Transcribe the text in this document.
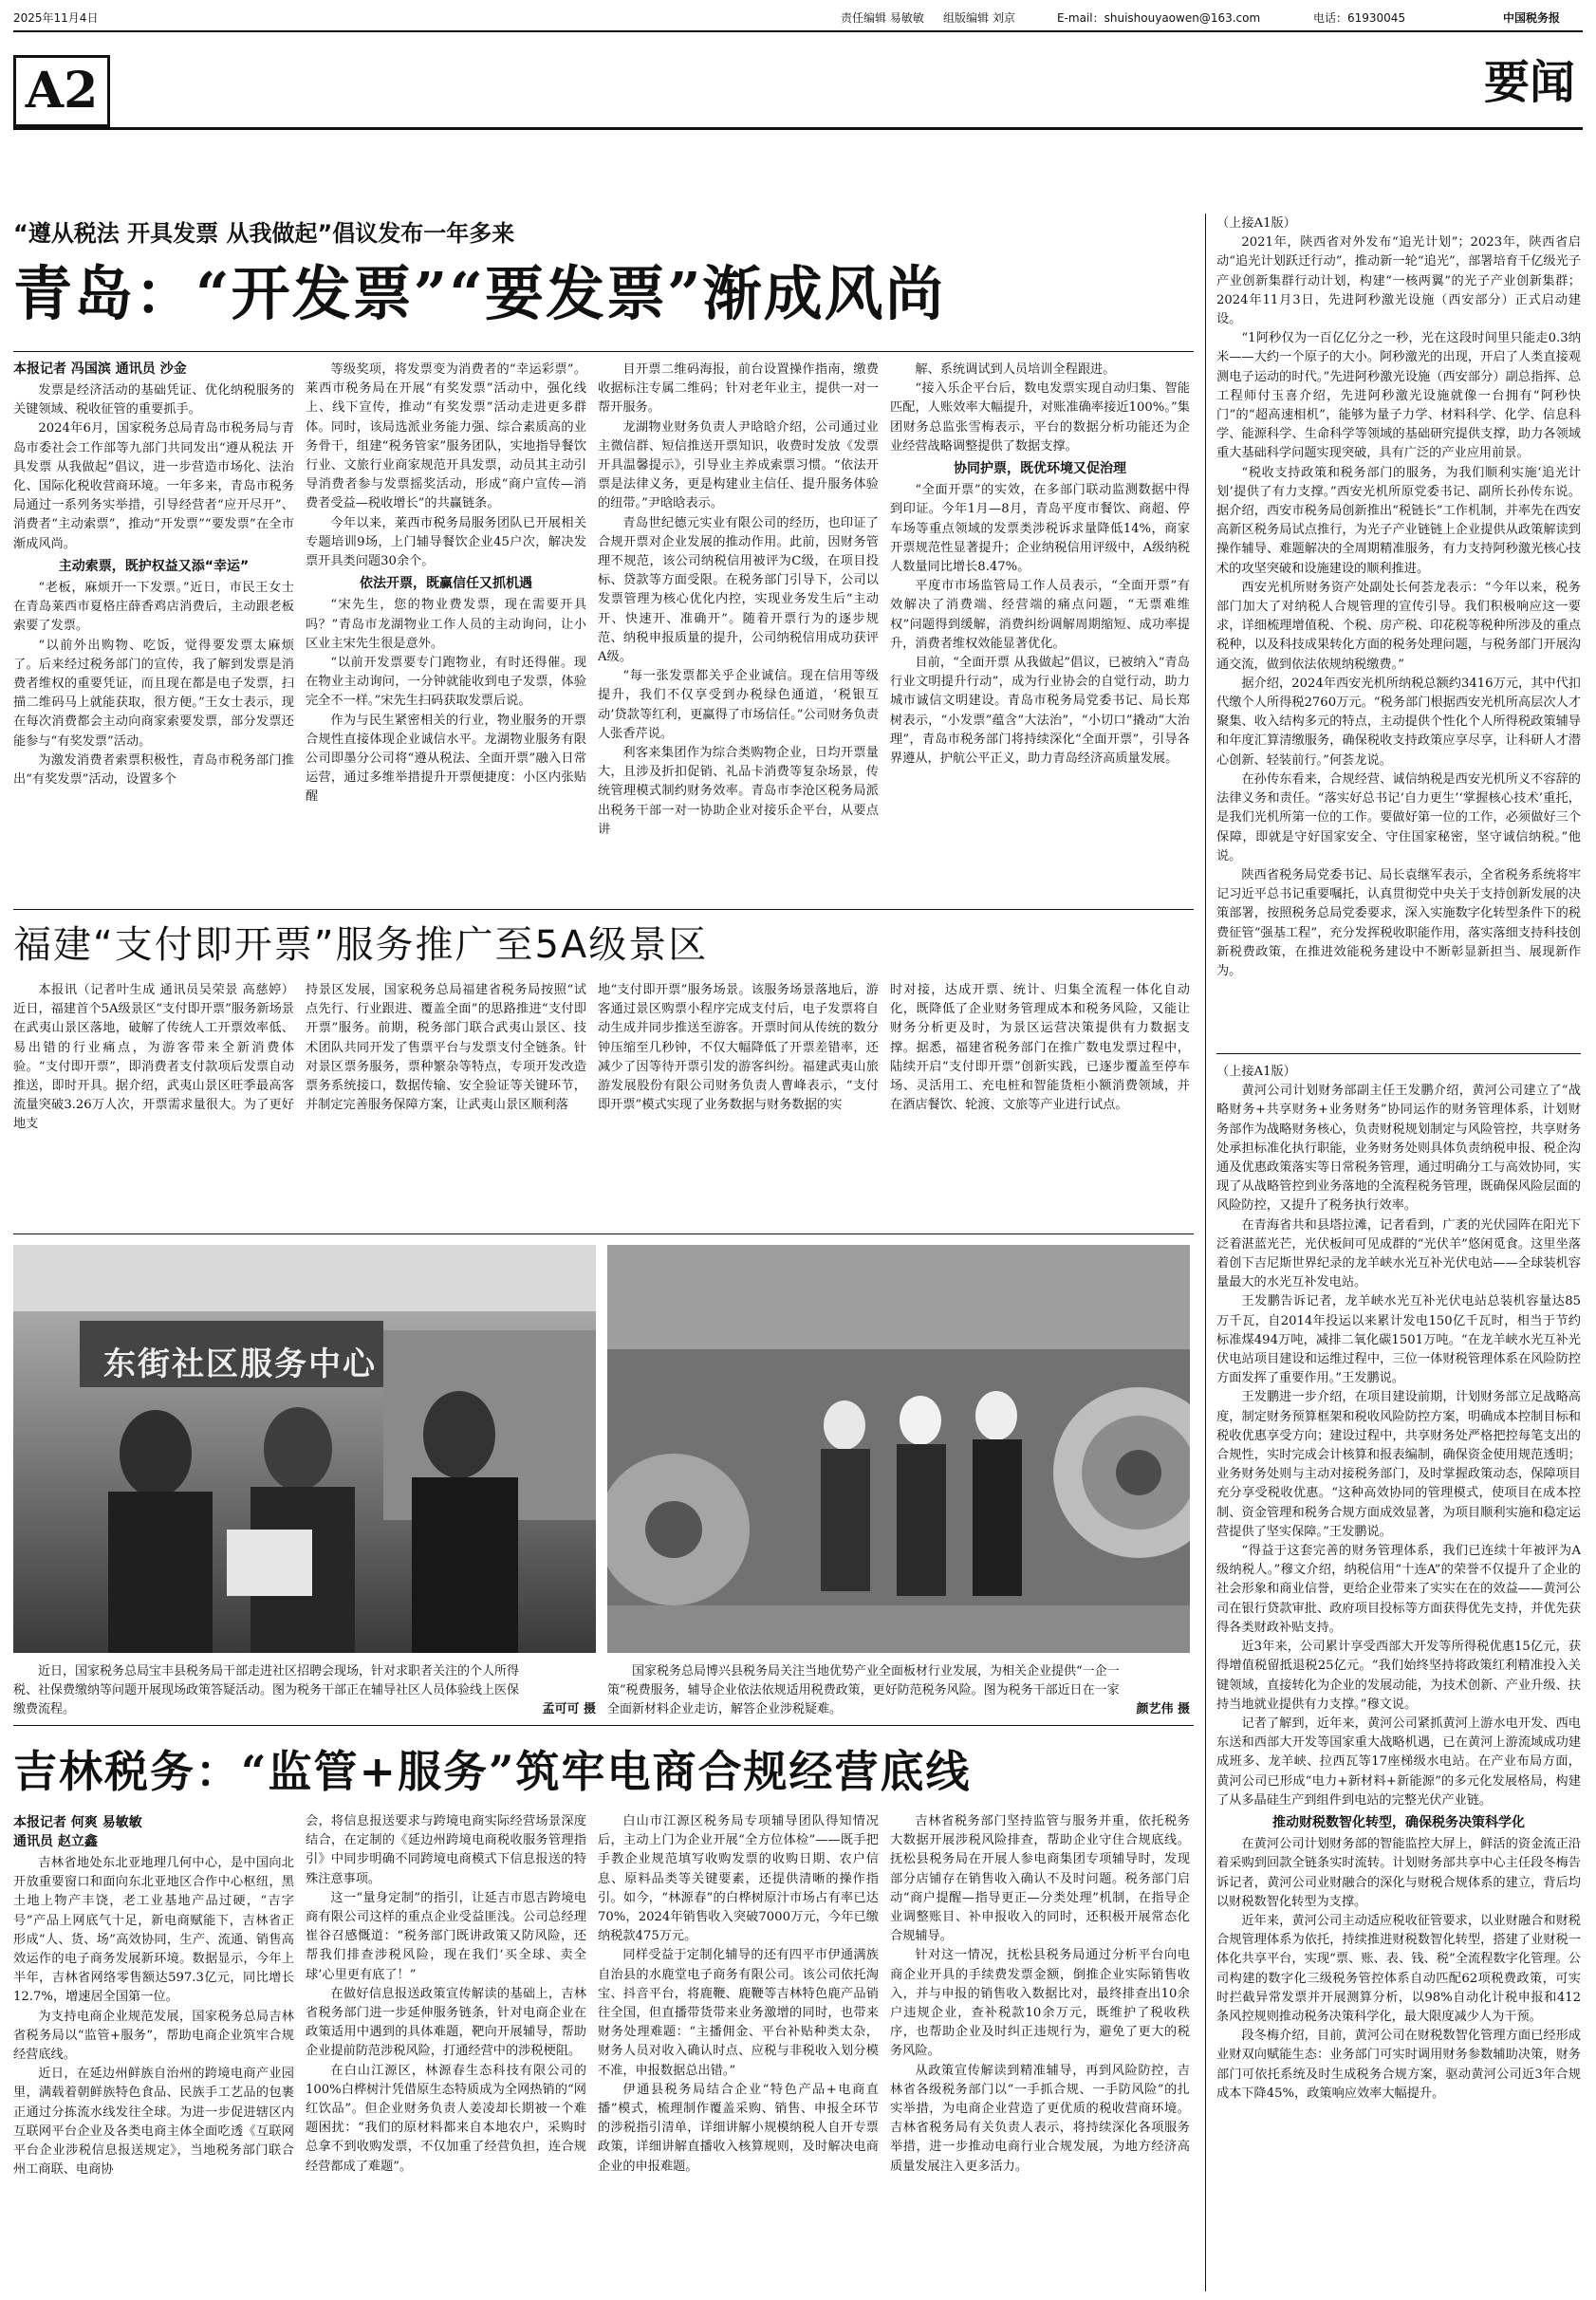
2025年11月4日	责任编辑 易敏敏 组版编辑 刘京	E-mail：shuishouyaowen@163.com	电话：61930045	中国税务报
A2	要闻
“遵从税法 开具发票 从我做起”倡议发布一年多来
青岛：“开发票”“要发票”渐成风尚
本报记者 冯国滨 通讯员 沙金

发票是经济活动的基础凭证、优化纳税服务的关键领域、税收征管的重要抓手。

2024年6月，国家税务总局青岛市税务局与青岛市委社会工作部等九部门共同发出“遵从税法 开具发票 从我做起”倡议，进一步营造市场化、法治化、国际化税收营商环境。一年多来，青岛市税务局通过一系列务实举措，引导经营者“应开尽开”、消费者“主动索票”，推动“开发票”“要发票”在全市渐成风尚。

主动索票，既护权益又添“幸运”

“老板，麻烦开一下发票。”近日，市民王女士在青岛莱西市夏格庄薛香鸡店消费后，主动跟老板索要了发票。

“以前外出购物、吃饭，觉得要发票太麻烦了。后来经过税务部门的宣传，我了解到发票是消费者维权的重要凭证，而且现在都是电子发票，扫描二维码马上就能获取，很方便。”王女士表示，现在每次消费都会主动向商家索要发票，部分发票还能参与“有奖发票”活动。

为激发消费者索票积极性，青岛市税务部门推出“有奖发票”活动，设置多个

等级奖项，将发票变为消费者的“幸运彩票”。莱西市税务局在开展“有奖发票”活动中，强化线上、线下宣传，推动“有奖发票”活动走进更多群体。同时，该局选派业务能力强、综合素质高的业务骨干，组建“税务管家”服务团队，实地指导餐饮行业、文旅行业商家规范开具发票，动员其主动引导消费者参与发票摇奖活动，形成“商户宣传—消费者受益—税收增长”的共赢链条。

今年以来，莱西市税务局服务团队已开展相关专题培训9场，上门辅导餐饮企业45户次，解决发票开具类问题30余个。

依法开票，既赢信任又抓机遇

“宋先生，您的物业费发票，现在需要开具吗？”青岛市龙湖物业工作人员的主动询问，让小区业主宋先生很是意外。

“以前开发票要专门跑物业，有时还得催。现在物业主动询问，一分钟就能收到电子发票，体验完全不一样。”宋先生扫码获取发票后说。

作为与民生紧密相关的行业，物业服务的开票合规性直接体现企业诚信水平。龙湖物业服务有限公司即墨分公司将“遵从税法、全面开票”融入日常运营，通过多维举措提升开票便捷度：小区内张贴醒

目开票二维码海报，前台设置操作指南，缴费收据标注专属二维码；针对老年业主，提供一对一帮开服务。

龙湖物业财务负责人尹晗晗介绍，公司通过业主微信群、短信推送开票知识，收费时发放《发票开具温馨提示》，引导业主养成索票习惯。“依法开票是法律义务，更是构建业主信任、提升服务体验的纽带。”尹晗晗表示。

青岛世纪德元实业有限公司的经历，也印证了合规开票对企业发展的推动作用。此前，因财务管理不规范，该公司纳税信用被评为C级，在项目投标、贷款等方面受限。在税务部门引导下，公司以发票管理为核心优化内控，实现业务发生后“主动开、快速开、准确开”。随着开票行为的逐步规范、纳税申报质量的提升，公司纳税信用成功获评A级。

“每一张发票都关乎企业诚信。现在信用等级提升，我们不仅享受到办税绿色通道，‘税银互动’贷款等红利，更赢得了市场信任。”公司财务负责人张香芹说。

利客来集团作为综合类购物企业，日均开票量大，且涉及折扣促销、礼品卡消费等复杂场景，传统管理模式制约财务效率。青岛市李沧区税务局派出税务干部一对一协助企业对接乐企平台，从要点讲

解、系统调试到人员培训全程跟进。

“接入乐企平台后，数电发票实现自动归集、智能匹配，人账效率大幅提升，对账准确率接近100%。”集团财务总监张雪梅表示，平台的数据分析功能还为企业经营战略调整提供了数据支撑。

协同护票，既优环境又促治理

“全面开票”的实效，在多部门联动监测数据中得到印证。今年1月—8月，青岛平度市餐饮、商超、停车场等重点领域的发票类涉税诉求量降低14%，商家开票规范性显著提升；企业纳税信用评级中，A级纳税人数量同比增长8.47%。

平度市市场监管局工作人员表示，“全面开票”有效解决了消费端、经营端的痛点问题，“无票难维权”问题得到缓解，消费纠纷调解周期缩短、成功率提升，消费者维权效能显著优化。

目前，“全面开票 从我做起”倡议，已被纳入“青岛行业文明提升行动”，成为行业协会的自觉行动，助力城市诚信文明建设。青岛市税务局党委书记、局长郑树表示，“小发票”蕴含“大法治”，“小切口”撬动“大治理”，青岛市税务部门将持续深化“全面开票”，引导各界遵从，护航公平正义，助力青岛经济高质量发展。

（上接A1版）

2021年，陕西省对外发布“追光计划”；2023年，陕西省启动“追光计划跃迁行动”，推动新一轮“追光”，部署培育千亿级光子产业创新集群行动计划，构建“一核两翼”的光子产业创新集群；2024年11月3日，先进阿秒激光设施（西安部分）正式启动建设。

“1阿秒仅为一百亿亿分之一秒，光在这段时间里只能走0.3纳米——大约一个原子的大小。阿秒激光的出现，开启了人类直接观测电子运动的时代。”先进阿秒激光设施（西安部分）副总指挥、总工程师付玉喜介绍，先进阿秒激光设施就像一台拥有“阿秒快门”的“超高速相机”，能够为量子力学、材料科学、化学、信息科学、能源科学、生命科学等领域的基础研究提供支撑，助力各领域重大基础科学问题实现突破，具有广泛的产业应用前景。

“税收支持政策和税务部门的服务，为我们顺利实施‘追光计划’提供了有力支撑。”西安光机所原党委书记、副所长孙传东说。据介绍，西安市税务局创新推出“税链长”工作机制，并率先在西安高新区税务局试点推行，为光子产业链链上企业提供从政策解读到操作辅导、难题解决的全周期精准服务，有力支持阿秒激光核心技术的攻坚突破和设施建设的顺利推进。

西安光机所财务资产处副处长何荟龙表示：“今年以来，税务部门加大了对纳税人合规管理的宣传引导。我们积极响应这一要求，详细梳理增值税、个税、房产税、印花税等税种所涉及的重点税种，以及科技成果转化方面的税务处理问题，与税务部门开展沟通交流，做到依法依规纳税缴费。”

据介绍，2024年西安光机所纳税总额约3416万元，其中代扣代缴个人所得税2760万元。“税务部门根据西安光机所高层次人才聚集、收入结构多元的特点，主动提供个性化个人所得税政策辅导和年度汇算清缴服务，确保税收支持政策应享尽享，让科研人才潜心创新、轻装前行。”何荟龙说。

在孙传东看来，合规经营、诚信纳税是西安光机所义不容辞的法律义务和责任。“落实好总书记‘自力更生’‘掌握核心技术’重托，是我们光机所第一位的工作。要做好第一位的工作，必须做好三个保障，即就是守好国家安全、守住国家秘密，坚守诚信纳税。”他说。

陕西省税务局党委书记、局长袁继军表示，全省税务系统将牢记习近平总书记重要嘱托，认真贯彻党中央关于支持创新发展的决策部署，按照税务总局党委要求，深入实施数字化转型条件下的税费征管“强基工程”，充分发挥税收职能作用，落实落细支持科技创新税费政策，在推进效能税务建设中不断彰显新担当、展现新作为。

福建“支付即开票”服务推广至5A级景区

本报讯（记者叶生成 通讯员吴荣景 高慈婷）近日，福建首个5A级景区“支付即开票”服务新场景在武夷山景区落地，破解了传统人工开票效率低、易出错的行业痛点，为游客带来全新消费体验。“支付即开票”，即消费者支付款项后发票自动推送，即时开具。据介绍，武夷山景区旺季最高客流量突破3.26万人次，开票需求量很大。为了更好地支

持景区发展，国家税务总局福建省税务局按照“试点先行、行业跟进、覆盖全面”的思路推进“支付即开票”服务。前期，税务部门联合武夷山景区、技术团队共同开发了售票平台与发票支付全链条。针对景区票务服务，票种繁杂等特点，专项开发改造票务系统接口，数据传输、安全验证等关键环节，并制定完善服务保障方案，让武夷山景区顺利落

地“支付即开票”服务场景。该服务场景落地后，游客通过景区购票小程序完成支付后，电子发票将自动生成并同步推送至游客。开票时间从传统的数分钟压缩至几秒钟，不仅大幅降低了开票差错率，还减少了因等待开票引发的游客纠纷。福建武夷山旅游发展股份有限公司财务负责人曹峰表示，“支付即开票”模式实现了业务数据与财务数据的实

时对接，达成开票、统计、归集全流程一体化自动化，既降低了企业财务管理成本和税务风险，又能让财务分析更及时，为景区运营决策提供有力数据支撑。据悉，福建省税务部门在推广数电发票过程中，陆续开启“支付即开票”创新实践，已逐步覆盖至停车场、灵活用工、充电桩和智能货柜小额消费领域，并在酒店餐饮、轮渡、文旅等产业进行试点。

东街社区服务中心
近日，国家税务总局宝丰县税务局干部走进社区招聘会现场，针对求职者关注的个人所得税、社保费缴纳等问题开展现场政策答疑活动。图为税务干部正在辅导社区人员体验线上医保缴费流程。	孟可可 摄
国家税务总局博兴县税务局关注当地优势产业全面板材行业发展，为相关企业提供“一企一策”税费服务，辅导企业依法依规适用税费政策，更好防范税务风险。图为税务干部近日在一家全面新材料企业走访，解答企业涉税疑难。	颜艺伟 摄
吉林税务：“监管+服务”筑牢电商合规经营底线
本报记者 何爽 易敏敏
通讯员 赵立鑫

吉林省地处东北亚地理几何中心，是中国向北开放重要窗口和面向东北亚地区合作中心枢纽，黑土地上物产丰饶，老工业基地产品过硬，“吉字号”产品上网底气十足，新电商赋能下，吉林省正形成“人、货、场”高效协同，生产、流通、销售高效运作的电子商务发展新环境。数据显示，今年上半年，吉林省网络零售额达597.3亿元，同比增长12.7%，增速居全国第一位。

为支持电商企业规范发展，国家税务总局吉林省税务局以“监管+服务”，帮助电商企业筑牢合规经营底线。

近日，在延边州鲜族自治州的跨境电商产业园里，满载着朝鲜族特色食品、民族手工艺品的包裹正通过分拣流水线发往全球。为进一步促进辖区内互联网平台企业及各类电商主体全面吃透《互联网平台企业涉税信息报送规定》，当地税务部门联合州工商联、电商协

会，将信息报送要求与跨境电商实际经营场景深度结合，在定制的《延边州跨境电商税收服务管理指引》中同步明确不同跨境电商模式下信息报送的特殊注意事项。

这一“量身定制”的指引，让延吉市恩吉跨境电商有限公司这样的重点企业受益匪浅。公司总经理崔谷召感慨道：“税务部门既讲政策又防风险，还帮我们排查涉税风险，现在我们‘买全球、卖全球’心里更有底了！”

在做好信息报送政策宣传解读的基础上，吉林省税务部门进一步延伸服务链条，针对电商企业在政策适用中遇到的具体难题，靶向开展辅导，帮助企业提前防范涉税风险，打通经营中的涉税梗阻。

在白山江源区，林源春生态科技有限公司的100%白桦树汁凭借原生态特质成为全网热销的“网红饮品”。但企业财务负责人姜凌却长期被一个难题困扰：“我们的原材料都来自本地农户，采购时总拿不到收购发票，不仅加重了经营负担，连合规经营都成了难题”。

白山市江源区税务局专项辅导团队得知情况后，主动上门为企业开展“全方位体检”——既手把手教企业规范填写收购发票的收购日期、农户信息、原料品类等关键要素，还提供清晰的操作指引。如今，“林源春”的白桦树原汁市场占有率已达70%，2024年销售收入突破7000万元，今年已缴纳税款475万元。

同样受益于定制化辅导的还有四平市伊通满族自治县的水鹿堂电子商务有限公司。该公司依托淘宝、抖音平台，将鹿鞭、鹿鞭等吉林特色鹿产品销往全国，但直播带货带来业务激增的同时，也带来财务处理难题：“主播佣金、平台补贴种类太杂，财务人员对收入确认时点、应税与非税收入划分模不准，申报数据总出错。”

伊通县税务局结合企业“特色产品+电商直播”模式，梳理制作覆盖采购、销售、申报全环节的涉税指引清单，详细讲解小规模纳税人自开专票政策，详细讲解直播收入核算规则，及时解决电商企业的申报难题。

吉林省税务部门坚持监管与服务并重，依托税务大数据开展涉税风险排查，帮助企业守住合规底线。抚松县税务局在开展人参电商集团专项辅导时，发现部分店铺存在销售收入确认不及时问题。税务部门启动“商户提醒—指导更正—分类处理”机制，在指导企业调整账目、补申报收入的同时，还积极开展常态化合规辅导。

针对这一情况，抚松县税务局通过分析平台向电商企业开具的手续费发票金额，倒推企业实际销售收入，并与申报的销售收入数据比对，最终排查出10余户违规企业，查补税款10余万元，既维护了税收秩序，也帮助企业及时纠正违规行为，避免了更大的税务风险。

从政策宣传解读到精准辅导，再到风险防控，吉林省各级税务部门以“一手抓合规、一手防风险”的扎实举措，为电商企业营造了更优质的税收营商环境。吉林省税务局有关负责人表示，将持续深化各项服务举措，进一步推动电商行业合规发展，为地方经济高质量发展注入更多活力。

（上接A1版）

黄河公司计划财务部副主任王发鹏介绍，黄河公司建立了“战略财务+共享财务+业务财务”协同运作的财务管理体系，计划财务部作为战略财务核心，负责财税规划制定与风险管控，共享财务处承担标准化执行职能，业务财务处则具体负责纳税申报、税企沟通及优惠政策落实等日常税务管理，通过明确分工与高效协同，实现了从战略管控到业务落地的全流程税务管理，既确保风险层面的风险防控，又提升了税务执行效率。

在青海省共和县塔拉滩，记者看到，广袤的光伏园阵在阳光下泛着湛蓝光芒，光伏板间可见成群的“光伏羊”悠闲觅食。这里坐落着创下吉尼斯世界纪录的龙羊峡水光互补光伏电站——全球装机容量最大的水光互补发电站。

王发鹏告诉记者，龙羊峡水光互补光伏电站总装机容量达85万千瓦，自2014年投运以来累计发电150亿千瓦时，相当于节约标准煤494万吨，减排二氧化碳1501万吨。“在龙羊峡水光互补光伏电站项目建设和运维过程中，三位一体财税管理体系在风险防控方面发挥了重要作用。”王发鹏说。

王发鹏进一步介绍，在项目建设前期，计划财务部立足战略高度，制定财务预算框架和税收风险防控方案，明确成本控制目标和税收优惠享受方向；建设过程中，共享财务处严格把控每笔支出的合规性，实时完成会计核算和报表编制，确保资金使用规范透明；业务财务处则与主动对接税务部门，及时掌握政策动态，保障项目充分享受税收优惠。“这种高效协同的管理模式，使项目在成本控制、资金管理和税务合规方面成效显著，为项目顺利实施和稳定运营提供了坚实保障。”王发鹏说。

“得益于这套完善的财务管理体系，我们已连续十年被评为A级纳税人。”穆文介绍，纳税信用“十连A”的荣誉不仅提升了企业的社会形象和商业信誉，更给企业带来了实实在在的效益——黄河公司在银行贷款审批、政府项目投标等方面获得优先支持，并优先获得各类财政补贴支持。

近3年来，公司累计享受西部大开发等所得税优惠15亿元，获得增值税留抵退税25亿元。“我们始终坚持将政策红利精准投入关键领域，直接转化为企业的发展动能，为技术创新、产业升级、扶持当地就业提供有力支撑。”穆文说。

记者了解到，近年来，黄河公司紧抓黄河上游水电开发、西电东送和西部大开发等国家重大战略机遇，已在黄河上游流域成功建成班多、龙羊峡、拉西瓦等17座梯级水电站。在产业布局方面，黄河公司已形成“电力+新材料+新能源”的多元化发展格局，构建了从多晶硅生产到组件到电站的完整光伏产业链。

推动财税数智化转型，确保税务决策科学化

在黄河公司计划财务部的智能监控大屏上，鲜活的资金流正沿着采购到回款全链条实时流转。计划财务部共享中心主任段冬梅告诉记者，黄河公司业财融合的深化与财税合规体系的建立，背后均以财税数智化转型为支撑。

近年来，黄河公司主动适应税收征管要求，以业财融合和财税合规管理体系为依托，持续推进财税数智化转型，搭建了业财税一体化共享平台，实现“票、账、表、钱、税”全流程数字化管理。公司构建的数字化三级税务管控体系自动匹配62项税费政策，可实时拦截异常发票并开展测算分析，以98%自动化计税申报和412条风控规则推动税务决策科学化，最大限度减少人为干预。

段冬梅介绍，目前，黄河公司在财税数智化管理方面已经形成业财双向赋能生态：业务部门可实时调用财务参数辅助决策，财务部门可依托系统及时生成税务合规方案，驱动黄河公司近3年合规成本下降45%，政策响应效率大幅提升。
